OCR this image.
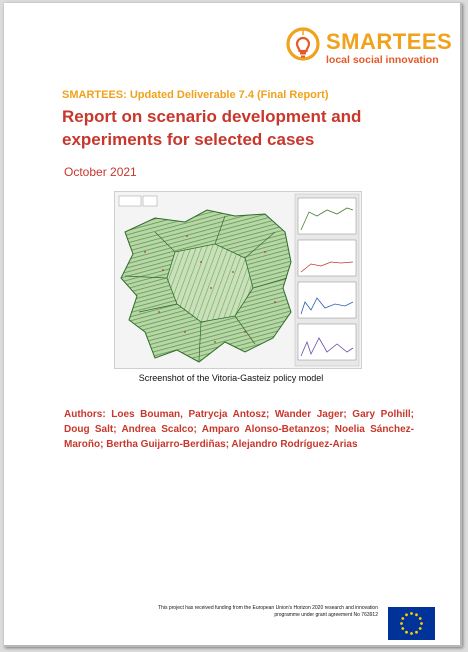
SMARTEES
local social innovation
SMARTEES: Updated Deliverable 7.4 (Final Report)
Report on scenario development and experiments for selected cases
October 2021
Screenshot of the Vitoria-Gasteiz policy model
Authors: Loes Bouman, Patrycja Antosz; Wander Jager; Gary Polhill; Doug Salt; Andrea Scalco; Amparo Alonso-Betanzos; Noelia Sánchez-Maroño; Bertha Guijarro-Berdiñas; Alejandro Rodríguez-Arias
This project has received funding from the European Union's Horizon 2020 research and innovation
programme under grant agreement No 763912
